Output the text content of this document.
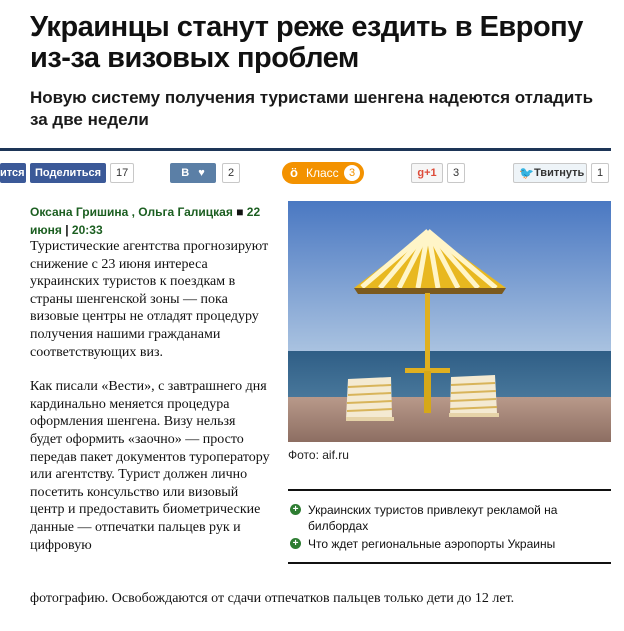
Украинцы станут реже ездить в Европу из-за визовых проблем
Новую систему получения туристами шенгена надеются отладить за две недели
ится Поделиться	17	В ♥	2	ö Класс 3	g+1	3	🐦 Твитнуть	1
Оксана Гришина , Ольга Галицкая ■ 22 июня | 20:33

Туристические агентства прогнозируют снижение с 23 июня интереса украинских туристов к поездкам в страны шенгенской зоны — пока визовые центры не отладят процедуру получения нашими гражданами соответствующих виз.

Как писали «Вести», с завтрашнего дня кардинально меняется процедура оформления шенгена. Визу нельзя будет оформить «заочно» — просто передав пакет документов туроператору или агентству. Турист должен лично посетить консульство или визовый центр и предоставить биометрические данные — отпечатки пальцев рук и цифровую

фотографию. Освобождаются от сдачи отпечатков пальцев только дети до 12 лет.
Фото: aif.ru
+ Украинских туристов привлекут рекламой на билбордах
+ Что ждет региональные аэропорты Украины
